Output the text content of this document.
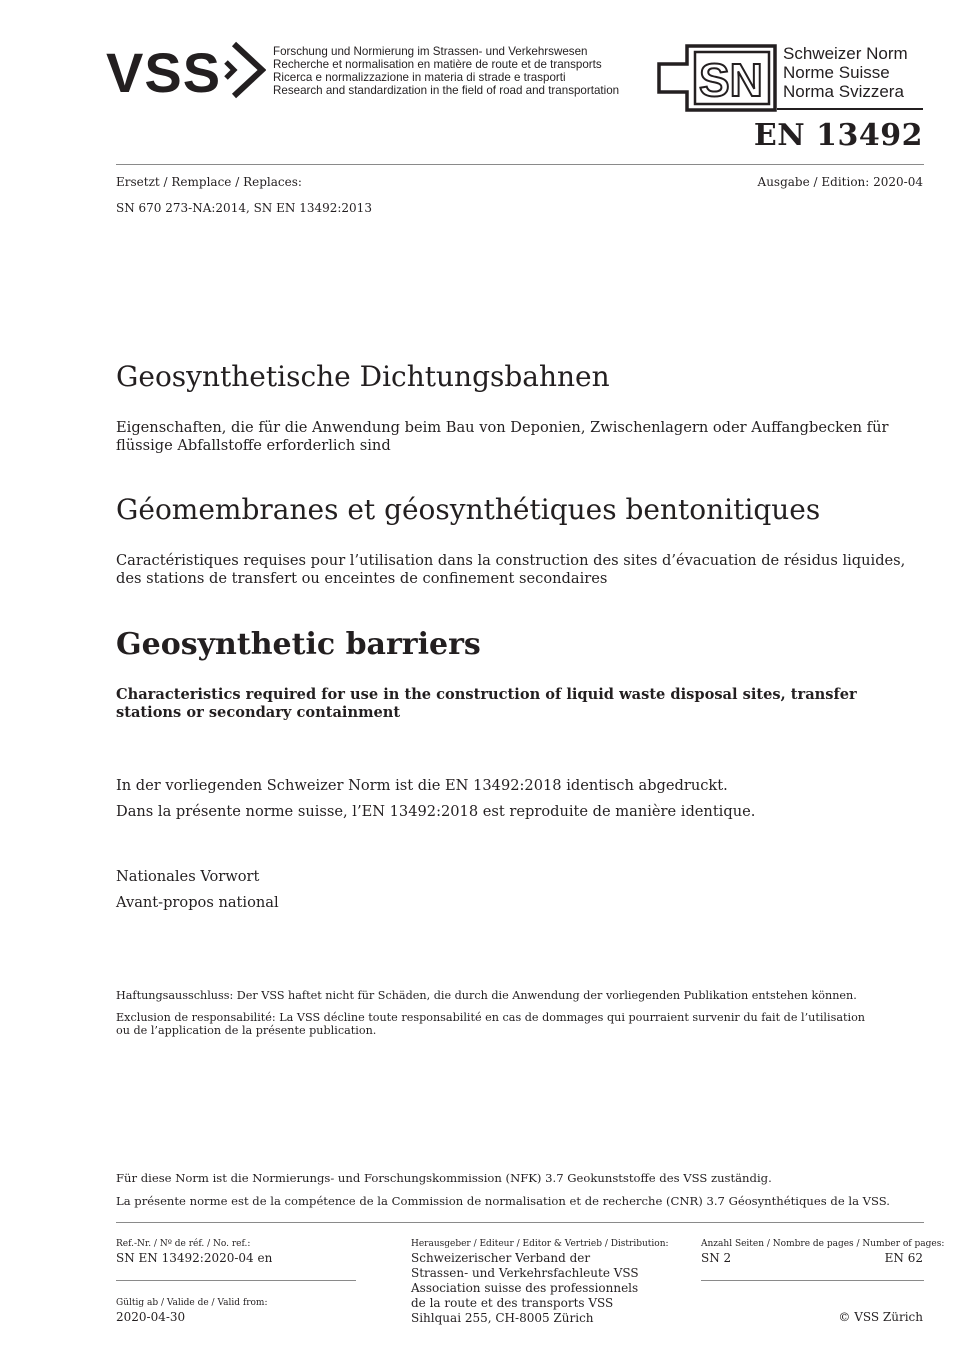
VSS	Forschung und Normierung im Strassen- und Verkehrswesen
Recherche et normalisation en matière de route et de transports
Ricerca e normalizzazione in materia di strade e trasporti
Research and standardization in the field of road and transportation SN
Schweizer Norm
Norme Suisse
Norma Svizzera
EN 13492
Ersetzt / Remplace / Replaces:	Ausgabe / Edition: 2020-04
SN 670 273-NA:2014, SN EN 13492:2013
Geosynthetische Dichtungsbahnen
Eigenschaften, die für die Anwendung beim Bau von Deponien, Zwischenlagern oder Auffangbecken für flüssige Abfallstoffe erforderlich sind
Géomembranes et géosynthétiques bentonitiques
Caractéristiques requises pour l’utilisation dans la construction des sites d’évacuation de résidus liquides, des stations de transfert ou enceintes de confinement secondaires
Geosynthetic barriers
Characteristics required for use in the construction of liquid waste disposal sites, transfer stations or secondary containment
In der vorliegenden Schweizer Norm ist die EN 13492:2018 identisch abgedruckt.
Dans la présente norme suisse, l’EN 13492:2018 est reproduite de manière identique.
Nationales Vorwort
Avant-propos national
Haftungsausschluss: Der VSS haftet nicht für Schäden, die durch die Anwendung der vorliegenden Publikation entstehen können.
Exclusion de responsabilité: La VSS décline toute responsabilité en cas de dommages qui pourraient survenir du fait de l’utilisation ou de l’application de la présente publication.
Für diese Norm ist die Normierungs- und Forschungskommission (NFK) 3.7 Geokunststoffe des VSS zuständig.
La présente norme est de la compétence de la Commission de normalisation et de recherche (CNR) 3.7 Géosynthétiques de la VSS.
Ref.-Nr. / Nº de réf. / No. ref.:
SN EN 13492:2020-04 en
Gültig ab / Valide de / Valid from:
2020-04-30
Herausgeber / Editeur / Editor & Vertrieb / Distribution:
Schweizerischer Verband der
Strassen- und Verkehrsfachleute VSS
Association suisse des professionnels
de la route et des transports VSS
Sihlquai 255, CH-8005 Zürich
Anzahl Seiten / Nombre de pages / Number of pages:
SN 2	EN 62
© VSS Zürich
